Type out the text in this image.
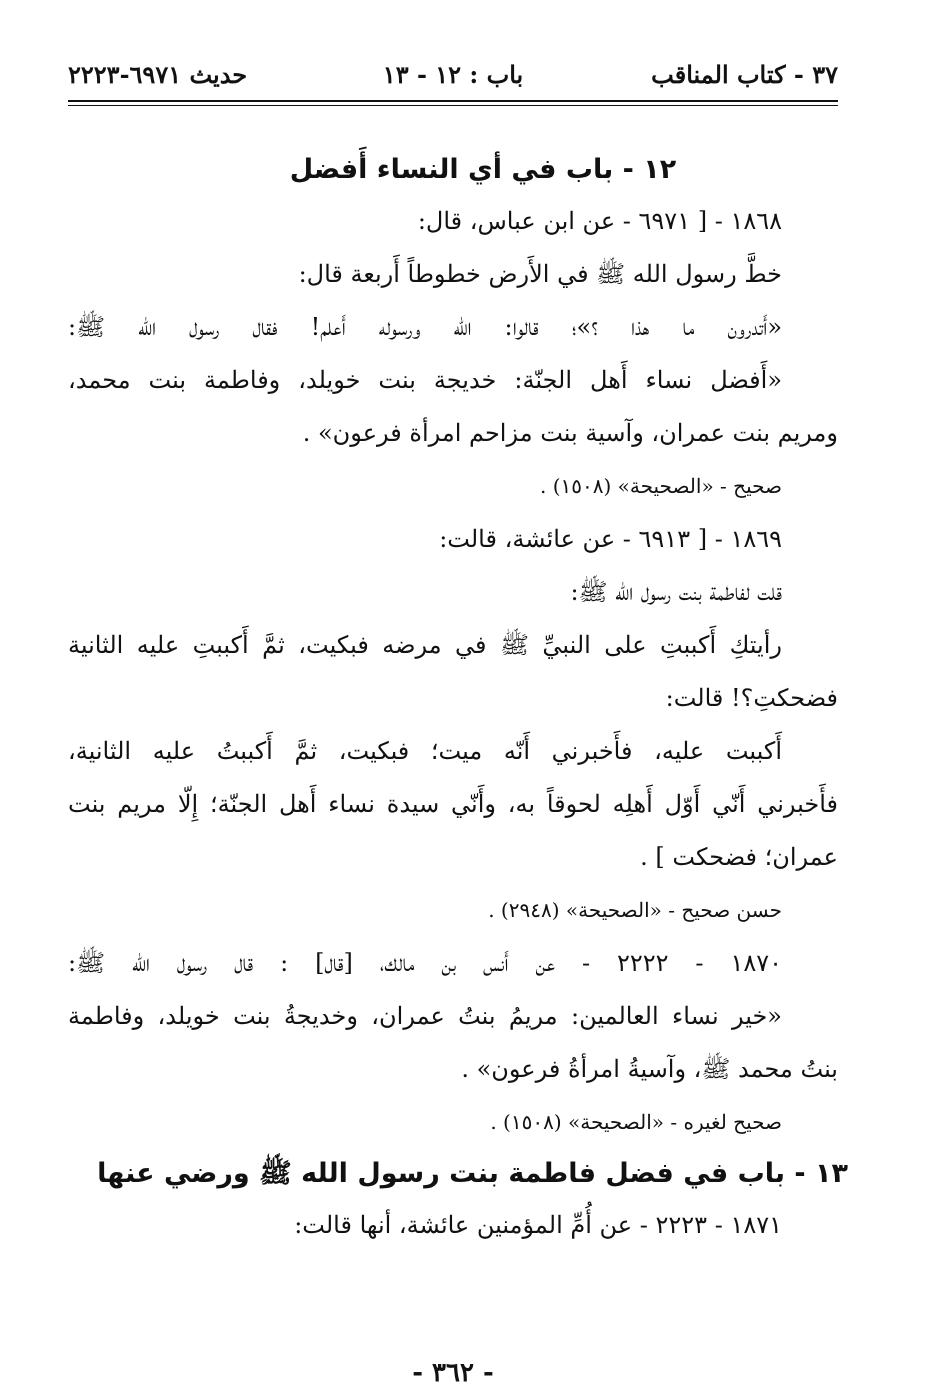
٣٧ - كتاب المناقب
باب : ١٢ - ١٣
حديث ٦٩٧١-٢٢٢٣
١٢ - باب في أي النساء أَفضل
١٨٦٨ - [ ٦٩٧١ - عن ابن عباس، قال:
خطَّ رسول الله ﷺ في الأَرض خطوطاً أَربعة قال:
«أَتدرون ما هذا ؟»؛ قالوا: الله ورسوله أَعلم! فقال رسول الله ﷺ:
«أَفضل نساء أَهل الجنّة: خديجة بنت خويلد، وفاطمة بنت محمد،
ومريم بنت عمران، وآسية بنت مزاحم امرأة فرعون» .
صحيح - «الصحيحة» (١٥٠٨) .
١٨٦٩ - [ ٦٩١٣ - عن عائشة، قالت:
قلت لفاطمة بنت رسول الله ﷺ:
رأيتكِ أَكببتِ على النبيِّ ﷺ في مرضه فبكيت، ثمَّ أَكببتِ عليه الثانية
فضحكتِ؟! قالت:
أَكببت عليه، فأَخبرني أَنّه ميت؛ فبكيت، ثمَّ أَكببتُ عليه الثانية،
فأَخبرني أَنّي أَوّل أَهلِه لحوقاً به، وأَنّي سيدة نساء أَهل الجنّة؛ إِلّا مريم بنت
عمران؛ فضحكت ] .
حسن صحيح - «الصحيحة» (٢٩٤٨) .
١٨٧٠ - ٢٢٢٢ - عن أَنس بن مالك، [قال] : قال رسول الله ﷺ:
«خير نساء العالمين: مريمُ بنتُ عمران، وخديجةُ بنت خويلد، وفاطمة
بنتُ محمد ﷺ، وآسيةُ امرأةُ فرعون» .
صحيح لغيره - «الصحيحة» (١٥٠٨) .
١٣ - باب في فضل فاطمة بنت رسول الله ﷺ ورضي عنها
١٨٧١ - ٢٢٢٣ - عن أُمِّ المؤمنين عائشة، أنها قالت:
- ٣٦٢ -
